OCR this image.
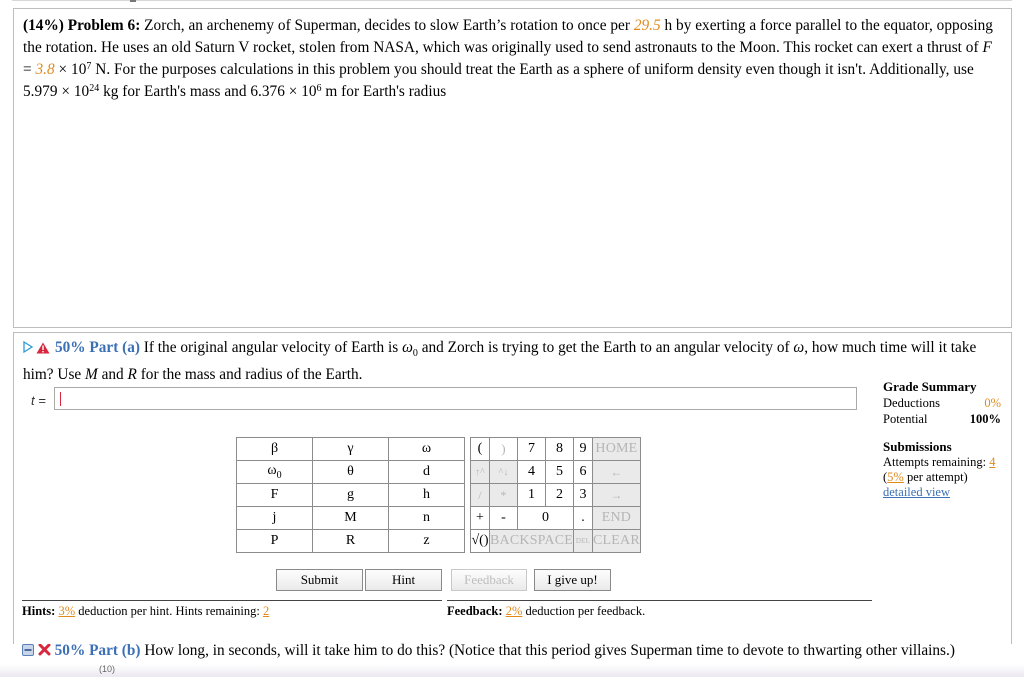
(14%) Problem 6: Zorch, an archenemy of Superman, decides to slow Earth’s rotation to once per 29.5 h by exerting a force parallel to the equator, opposing the rotation. He uses an old Saturn V rocket, stolen from NASA, which was originally used to send astronauts to the Moon. This rocket can exert a thrust of $F = 3.8 \times 10^7$ N. For the purposes calculations in this problem you should treat the Earth as a sphere of uniform density even though it isn't. Additionally, use $5.979 \times 10^{24}$ kg for Earth's mass and $6.376 \times 10^6$ m for Earth's radius
50% Part (a) If the original angular velocity of Earth is $\omega_0$ and Zorch is trying to get the Earth to an angular velocity of ω, how much time will it take him? Use M and R for the mass and radius of the Earth.
t =
Grade Summary
Deductions	0%
Potential	100%
Submissions
Attempts remaining: 4
(5% per attempt)
detailed view
β	γ	ω		(	)	7	8	9	HOME
$\omega_0$	θ	d		↑^	^↓	4	5	6	←
F	g	h		/	*	1	2	3	→
j	M	n		+	-	0		.	END
P	R	z		√()	BACKSPACE			DEL	CLEAR
Submit	Hint	Feedback	I give up!
Hints: 3% deduction per hint. Hints remaining: 2	Feedback: 2% deduction per feedback.
50% Part (b) How long, in seconds, will it take him to do this? (Notice that this period gives Superman time to devote to thwarting other villains.)
(10)
